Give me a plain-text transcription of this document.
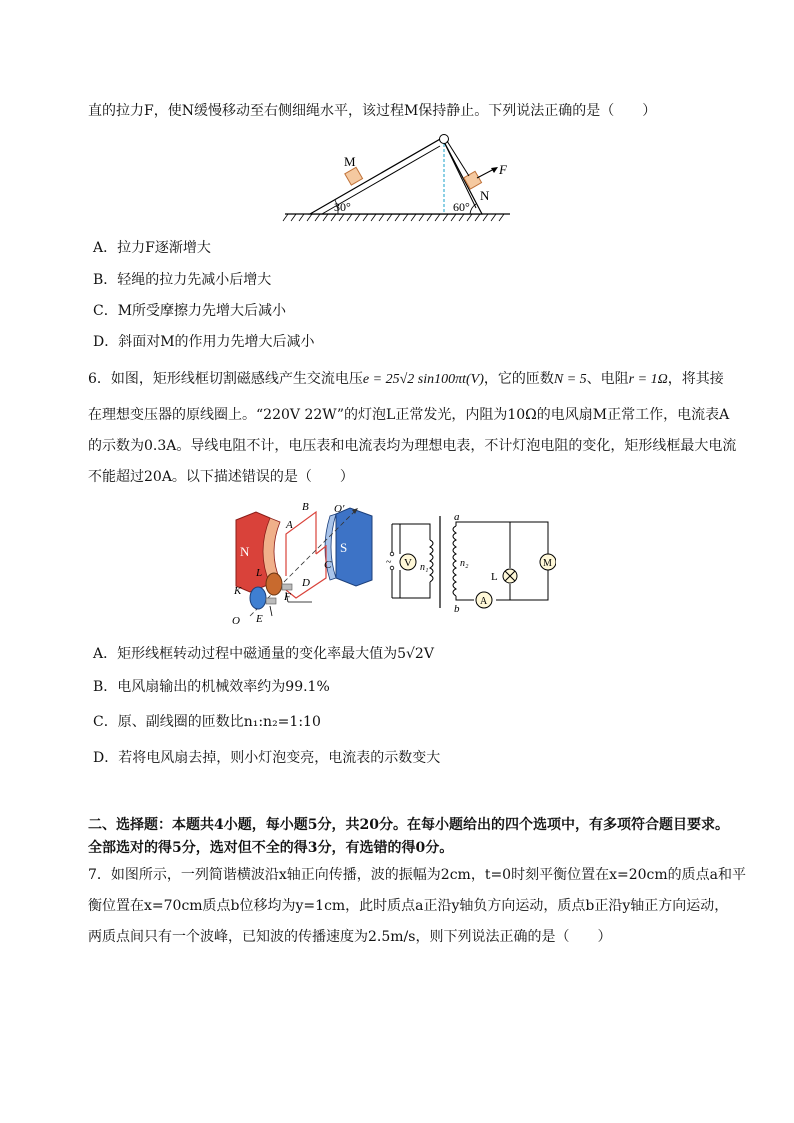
直的拉力F，使N缓慢移动至右侧细绳水平，该过程M保持静止。下列说法正确的是（　　）
M
N
F
30°	60°
A．拉力F逐渐增大
B．轻绳的拉力先减小后增大
C．M所受摩擦力先增大后减小
D．斜面对M的作用力先增大后减小
6．如图，矩形线框切割磁感线产生交流电压e = 25√2 sin100πt(V)，它的匝数N = 5、电阻r = 1Ω，将其接
在理想变压器的原线圈上。“220V 22W”的灯泡L正常发光，内阻为10Ω的电风扇M正常工作，电流表A
的示数为0.3A。导线电阻不计，电压表和电流表均为理想电表，不计灯泡电阻的变化，矩形线框最大电流
不能超过20A。以下描述错误的是（　　）
N	S
B
A
C
D
F
L
K
E
O
O′
~ V n₁	n₂
a
b
A
L
M
A．矩形线框转动过程中磁通量的变化率最大值为5√2V
B．电风扇输出的机械效率约为99.1%
C．原、副线圈的匝数比n₁:n₂=1:10
D．若将电风扇去掉，则小灯泡变亮，电流表的示数变大
二、选择题：本题共4小题，每小题5分，共20分。在每小题给出的四个选项中，有多项符合题目要求。
全部选对的得5分，选对但不全的得3分，有选错的得0分。
7．如图所示，一列简谐横波沿x轴正向传播，波的振幅为2cm，t=0时刻平衡位置在x=20cm的质点a和平
衡位置在x=70cm质点b位移均为y=1cm，此时质点a正沿y轴负方向运动，质点b正沿y轴正方向运动，
两质点间只有一个波峰，已知波的传播速度为2.5m/s，则下列说法正确的是（　　）
